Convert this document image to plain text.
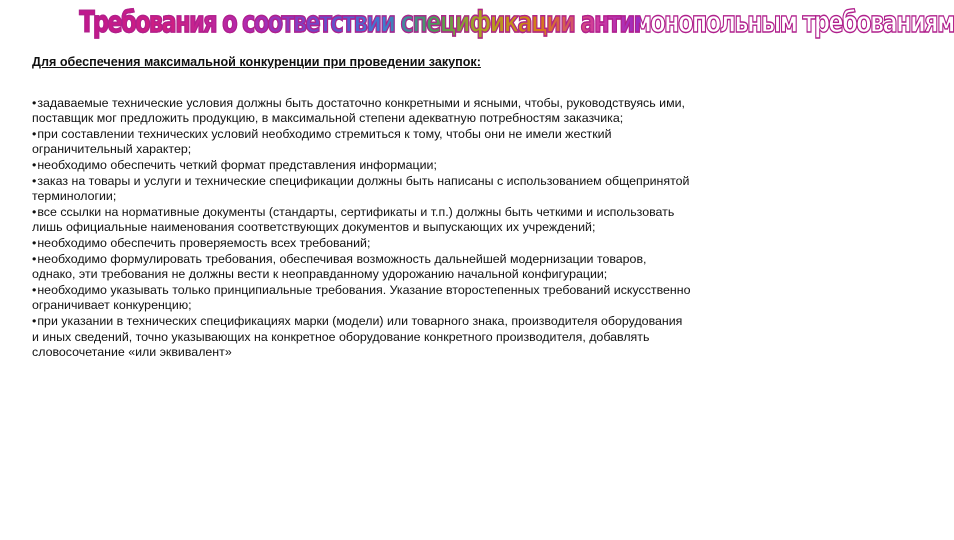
Требования о соответствии спецификации антимонопольным требованиям
Для обеспечения максимальной конкуренции при проведении закупок:
•задаваемые технические условия должны быть достаточно конкретными и ясными, чтобы, руководствуясь ими, поставщик мог предложить продукцию, в максимальной степени адекватную потребностям заказчика;
•при составлении технических условий необходимо стремиться к тому, чтобы они не имели жесткий ограничительный характер;
•необходимо обеспечить четкий формат представления информации;
•заказ на товары и услуги и технические спецификации должны быть написаны с использованием общепринятой терминологии;
•все ссылки на нормативные документы (стандарты, сертификаты и т.п.) должны быть четкими и использовать лишь официальные наименования соответствующих документов и выпускающих их учреждений;
•необходимо обеспечить проверяемость всех требований;
•необходимо формулировать требования, обеспечивая возможность дальнейшей модернизации товаров, однако, эти требования не должны вести к неоправданному удорожанию начальной конфигурации;
•необходимо указывать только принципиальные требования. Указание второстепенных требований искусственно ограничивает конкуренцию;
•при указании в технических спецификациях марки (модели) или товарного знака, производителя оборудования и иных сведений, точно указывающих на конкретное оборудование конкретного производителя, добавлять словосочетание «или эквивалент»
